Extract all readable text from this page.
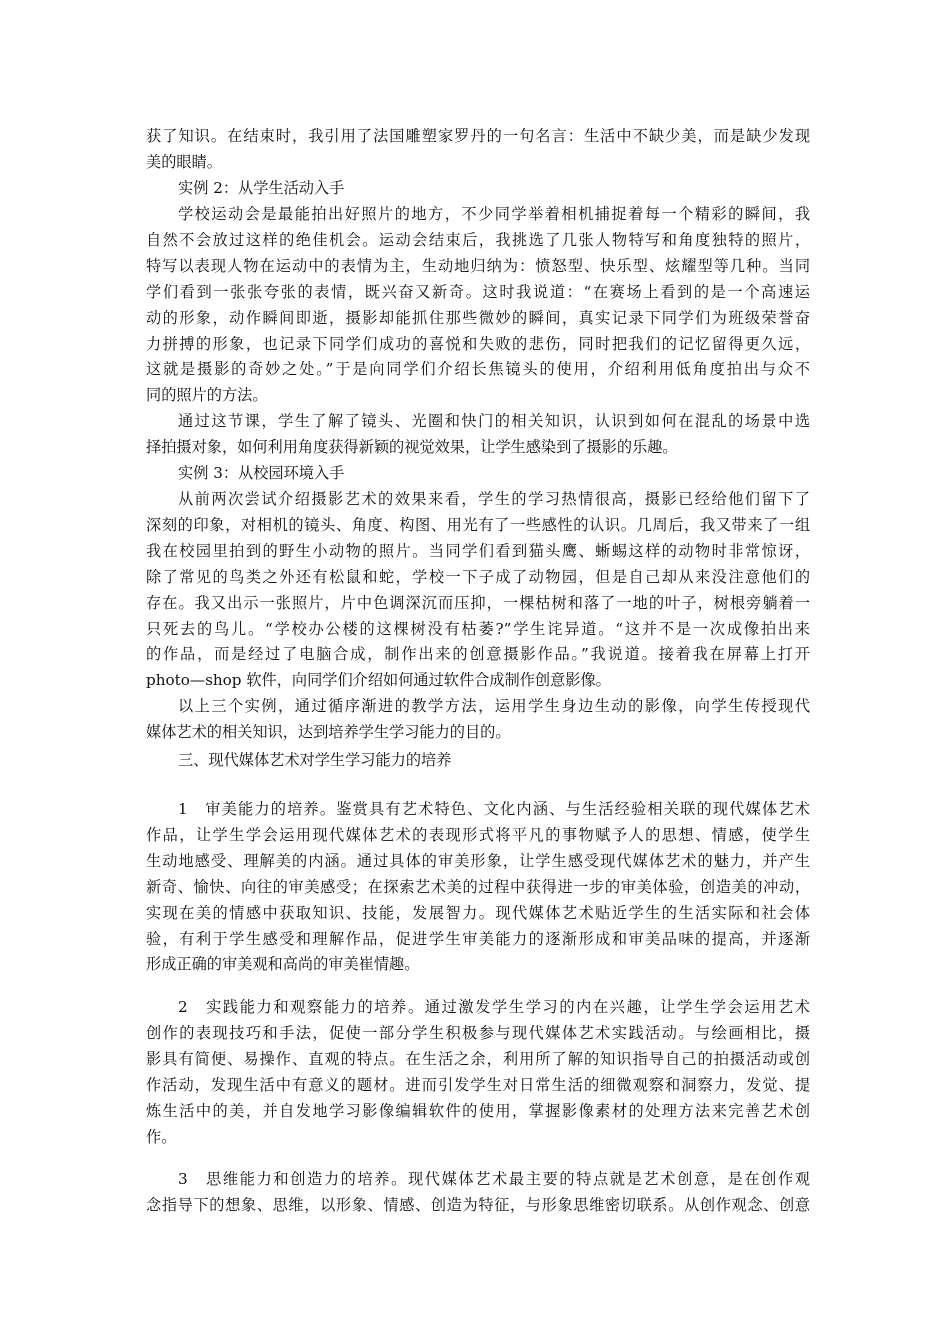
获了知识。在结束时，我引用了法国雕塑家罗丹的一句名言：生活中不缺少美，而是缺少发现
美的眼睛。
实例 2：从学生活动入手
学校运动会是最能拍出好照片的地方，不少同学举着相机捕捉着每一个精彩的瞬间，我
自然不会放过这样的绝佳机会。运动会结束后，我挑选了几张人物特写和角度独特的照片，
特写以表现人物在运动中的表情为主，生动地归纳为：愤怒型、快乐型、炫耀型等几种。当同
学们看到一张张夸张的表情，既兴奋又新奇。这时我说道：“在赛场上看到的是一个高速运
动的形象，动作瞬间即逝，摄影却能抓住那些微妙的瞬间，真实记录下同学们为班级荣誉奋
力拼搏的形象，也记录下同学们成功的喜悦和失败的悲伤，同时把我们的记忆留得更久远，
这就是摄影的奇妙之处。”于是向同学们介绍长焦镜头的使用，介绍利用低角度拍出与众不
同的照片的方法。
通过这节课，学生了解了镜头、光圈和快门的相关知识，认识到如何在混乱的场景中选
择拍摄对象，如何利用角度获得新颖的视觉效果，让学生感染到了摄影的乐趣。
实例 3：从校园环境入手
从前两次尝试介绍摄影艺术的效果来看，学生的学习热情很高，摄影已经给他们留下了
深刻的印象，对相机的镜头、角度、构图、用光有了一些感性的认识。几周后，我又带来了一组
我在校园里拍到的野生小动物的照片。当同学们看到猫头鹰、蜥蜴这样的动物时非常惊讶，
除了常见的鸟类之外还有松鼠和蛇，学校一下子成了动物园，但是自己却从来没注意他们的
存在。我又出示一张照片，片中色调深沉而压抑，一棵枯树和落了一地的叶子，树根旁躺着一
只死去的鸟儿。“学校办公楼的这棵树没有枯萎?”学生诧异道。“这并不是一次成像拍出来
的作品，而是经过了电脑合成，制作出来的创意摄影作品。”我说道。接着我在屏幕上打开
photo—shop 软件，向同学们介绍如何通过软件合成制作创意影像。
以上三个实例，通过循序渐进的教学方法，运用学生身边生动的影像，向学生传授现代
媒体艺术的相关知识，达到培养学生学习能力的目的。
三、现代媒体艺术对学生学习能力的培养
1　审美能力的培养。鉴赏具有艺术特色、文化内涵、与生活经验相关联的现代媒体艺术
作品，让学生学会运用现代媒体艺术的表现形式将平凡的事物赋予人的思想、情感，使学生
生动地感受、理解美的内涵。通过具体的审美形象，让学生感受现代媒体艺术的魅力，并产生
新奇、愉快、向往的审美感受；在探索艺术美的过程中获得进一步的审美体验，创造美的冲动，
实现在美的情感中获取知识、技能，发展智力。现代媒体艺术贴近学生的生活实际和社会体
验，有利于学生感受和理解作品，促进学生审美能力的逐渐形成和审美品味的提高，并逐渐
形成正确的审美观和高尚的审美崔情趣。
2　实践能力和观察能力的培养。通过激发学生学习的内在兴趣，让学生学会运用艺术
创作的表现技巧和手法，促使一部分学生积极参与现代媒体艺术实践活动。与绘画相比，摄
影具有简便、易操作、直观的特点。在生活之余，利用所了解的知识指导自己的拍摄活动或创
作活动，发现生活中有意义的题材。进而引发学生对日常生活的细微观察和洞察力，发觉、提
炼生活中的美，并自发地学习影像编辑软件的使用，掌握影像素材的处理方法来完善艺术创
作。
3　思维能力和创造力的培养。现代媒体艺术最主要的特点就是艺术创意，是在创作观
念指导下的想象、思维，以形象、情感、创造为特征，与形象思维密切联系。从创作观念、创意
